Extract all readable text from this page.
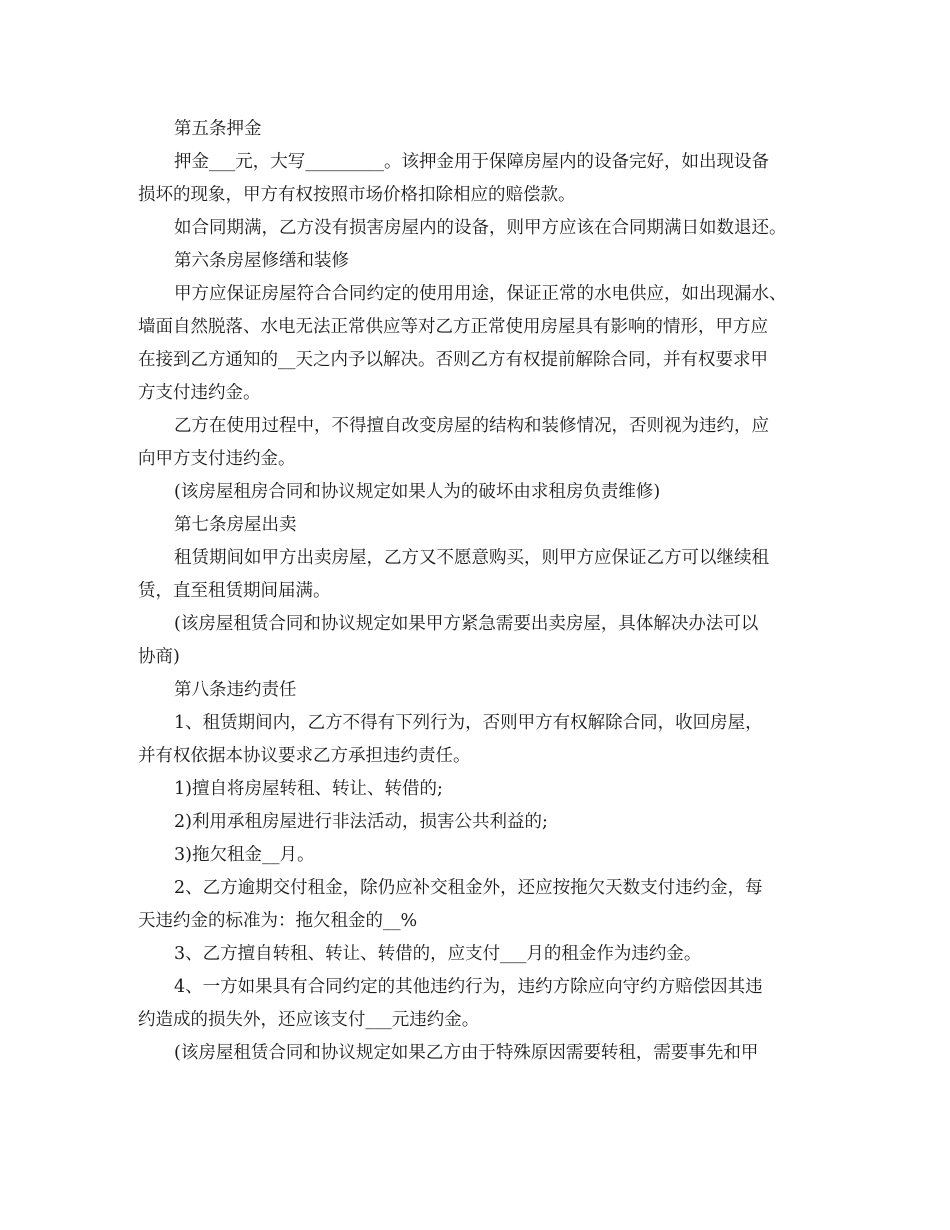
第五条押金
押金___元，大写_________。该押金用于保障房屋内的设备完好，如出现设备
损坏的现象，甲方有权按照市场价格扣除相应的赔偿款。
如合同期满，乙方没有损害房屋内的设备，则甲方应该在合同期满日如数退还。
第六条房屋修缮和装修
甲方应保证房屋符合合同约定的使用用途，保证正常的水电供应，如出现漏水、
墙面自然脱落、水电无法正常供应等对乙方正常使用房屋具有影响的情形，甲方应
在接到乙方通知的__天之内予以解决。否则乙方有权提前解除合同，并有权要求甲
方支付违约金。
乙方在使用过程中，不得擅自改变房屋的结构和装修情况，否则视为违约，应
向甲方支付违约金。
(该房屋租房合同和协议规定如果人为的破坏由求租房负责维修)
第七条房屋出卖
租赁期间如甲方出卖房屋，乙方又不愿意购买，则甲方应保证乙方可以继续租
赁，直至租赁期间届满。
(该房屋租赁合同和协议规定如果甲方紧急需要出卖房屋，具体解决办法可以
协商)
第八条违约责任
1、租赁期间内，乙方不得有下列行为，否则甲方有权解除合同，收回房屋，
并有权依据本协议要求乙方承担违约责任。
1)擅自将房屋转租、转让、转借的;
2)利用承租房屋进行非法活动，损害公共利益的;
3)拖欠租金__月。
2、乙方逾期交付租金，除仍应补交租金外，还应按拖欠天数支付违约金，每
天违约金的标准为：拖欠租金的__%
3、乙方擅自转租、转让、转借的，应支付___月的租金作为违约金。
4、一方如果具有合同约定的其他违约行为，违约方除应向守约方赔偿因其违
约造成的损失外，还应该支付___元违约金。
(该房屋租赁合同和协议规定如果乙方由于特殊原因需要转租，需要事先和甲
